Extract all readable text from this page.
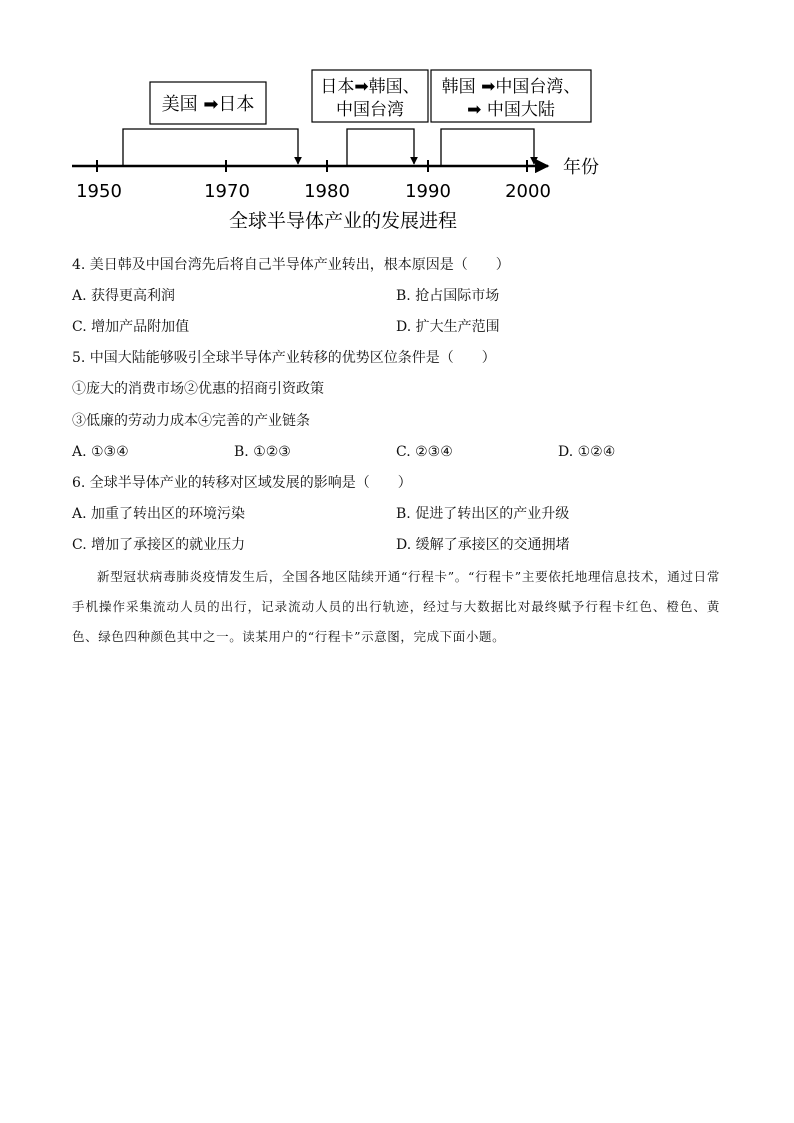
美国 ➡日本
日本➡韩国、
中国台湾
韩国 ➡中国台湾、
➡ 中国大陆
年份
1950	1970	1980	1990	2000
全球半导体产业的发展进程
4. 美日韩及中国台湾先后将自己半导体产业转出，根本原因是（　　）
A. 获得更高利润	B. 抢占国际市场
C. 增加产品附加值	D. 扩大生产范围
5. 中国大陆能够吸引全球半导体产业转移的优势区位条件是（　　）
①庞大的消费市场②优惠的招商引资政策
③低廉的劳动力成本④完善的产业链条
A. ①③④	B. ①②③	C. ②③④	D. ①②④
6. 全球半导体产业的转移对区域发展的影响是（　　）
A. 加重了转出区的环境污染	B. 促进了转出区的产业升级
C. 增加了承接区的就业压力	D. 缓解了承接区的交通拥堵

新型冠状病毒肺炎疫情发生后，全国各地区陆续开通“行程卡”。“行程卡”主要依托地理信息技术，通过日常手机操作采集流动人员的出行，记录流动人员的出行轨迹，经过与大数据比对最终赋予行程卡红色、橙色、黄色、绿色四种颜色其中之一。读某用户的“行程卡”示意图，完成下面小题。
